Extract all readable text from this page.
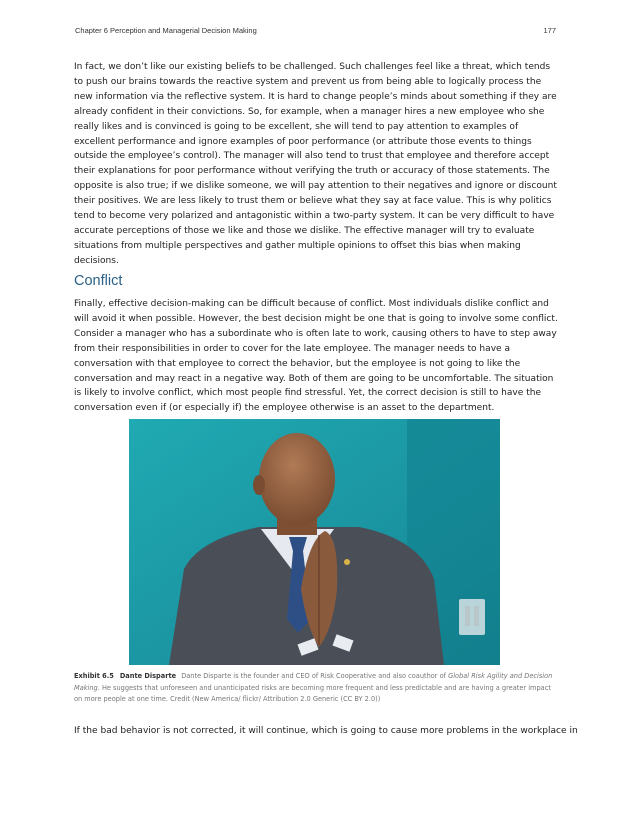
Chapter 6 Perception and Managerial Decision Making	177

In fact, we don’t like our existing beliefs to be challenged. Such challenges feel like a threat, which tends to push our brains towards the reactive system and prevent us from being able to logically process the new information via the reflective system. It is hard to change people’s minds about something if they are already confident in their convictions. So, for example, when a manager hires a new employee who she really likes and is convinced is going to be excellent, she will tend to pay attention to examples of excellent performance and ignore examples of poor performance (or attribute those events to things outside the employee’s control). The manager will also tend to trust that employee and therefore accept their explanations for poor performance without verifying the truth or accuracy of those statements. The opposite is also true; if we dislike someone, we will pay attention to their negatives and ignore or discount their positives. We are less likely to trust them or believe what they say at face value. This is why politics tend to become very polarized and antagonistic within a two-party system. It can be very difficult to have accurate perceptions of those we like and those we dislike. The effective manager will try to evaluate situations from multiple perspectives and gather multiple opinions to offset this bias when making decisions.

Conflict

Finally, effective decision-making can be difficult because of conflict. Most individuals dislike conflict and will avoid it when possible. However, the best decision might be one that is going to involve some conflict. Consider a manager who has a subordinate who is often late to work, causing others to have to step away from their responsibilities in order to cover for the late employee. The manager needs to have a conversation with that employee to correct the behavior, but the employee is not going to like the conversation and may react in a negative way. Both of them are going to be uncomfortable. The situation is likely to involve conflict, which most people find stressful. Yet, the correct decision is still to have the conversation even if (or especially if) the employee otherwise is an asset to the department.

Exhibit 6.5 Dante Disparte Dante Disparte is the founder and CEO of Risk Cooperative and also coauthor of Global Risk Agility and Decision Making. He suggests that unforeseen and unanticipated risks are becoming more frequent and less predictable and are having a greater impact on more people at one time. Credit (New America/ flickr/ Attribution 2.0 Generic (CC BY 2.0))

If the bad behavior is not corrected, it will continue, which is going to cause more problems in the workplace in
